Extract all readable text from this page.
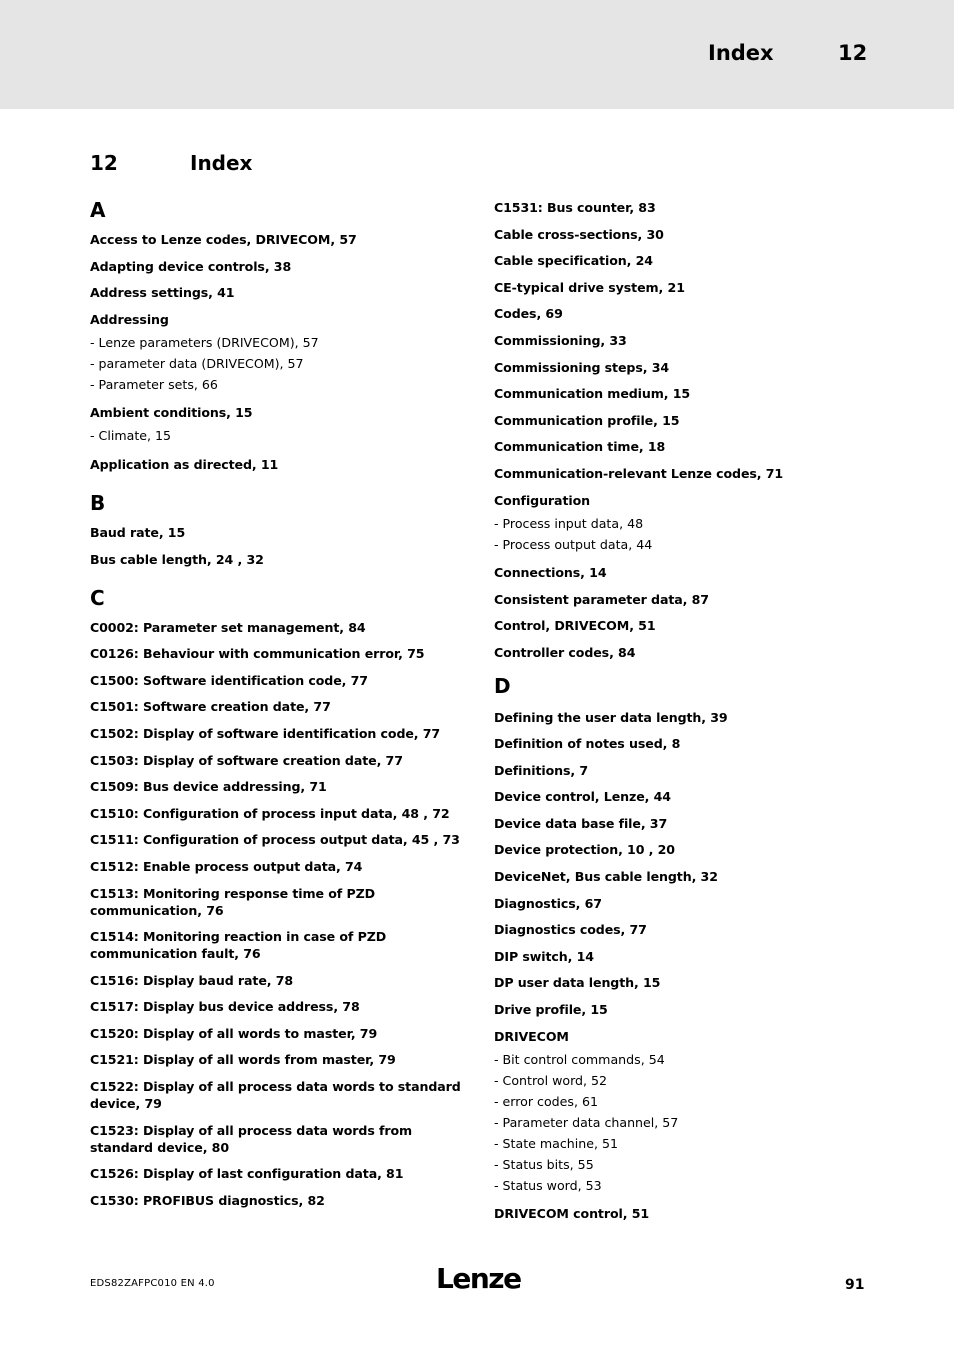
Index	12
12	Index
A
Access to Lenze codes, DRIVECOM, 57
Adapting device controls, 38
Address settings, 41
Addressing
- Lenze parameters (DRIVECOM), 57
- parameter data (DRIVECOM), 57
- Parameter sets, 66
Ambient conditions, 15
- Climate, 15
Application as directed, 11
B
Baud rate, 15
Bus cable length, 24 , 32
C
C0002: Parameter set management, 84
C0126: Behaviour with communication error, 75
C1500: Software identification code, 77
C1501: Software creation date, 77
C1502: Display of software identification code, 77
C1503: Display of software creation date, 77
C1509: Bus device addressing, 71
C1510: Configuration of process input data, 48 , 72
C1511: Configuration of process output data, 45 , 73
C1512: Enable process output data, 74
C1513: Monitoring response time of PZD communication, 76
C1514: Monitoring reaction in case of PZD communication fault, 76
C1516: Display baud rate, 78
C1517: Display bus device address, 78
C1520: Display of all words to master, 79
C1521: Display of all words from master, 79
C1522: Display of all process data words to standard device, 79
C1523: Display of all process data words from standard device, 80
C1526: Display of last configuration data, 81
C1530: PROFIBUS diagnostics, 82
C1531: Bus counter, 83
Cable cross-sections, 30
Cable specification, 24
CE-typical drive system, 21
Codes, 69
Commissioning, 33
Commissioning steps, 34
Communication medium, 15
Communication profile, 15
Communication time, 18
Communication-relevant Lenze codes, 71
Configuration
- Process input data, 48
- Process output data, 44
Connections, 14
Consistent parameter data, 87
Control, DRIVECOM, 51
Controller codes, 84
D
Defining the user data length, 39
Definition of notes used, 8
Definitions, 7
Device control, Lenze, 44
Device data base file, 37
Device protection, 10 , 20
DeviceNet, Bus cable length, 32
Diagnostics, 67
Diagnostics codes, 77
DIP switch, 14
DP user data length, 15
Drive profile, 15
DRIVECOM
- Bit control commands, 54
- Control word, 52
- error codes, 61
- Parameter data channel, 57
- State machine, 51
- Status bits, 55
- Status word, 53
DRIVECOM control, 51
EDS82ZAFPC010 EN 4.0	Lenze	91
